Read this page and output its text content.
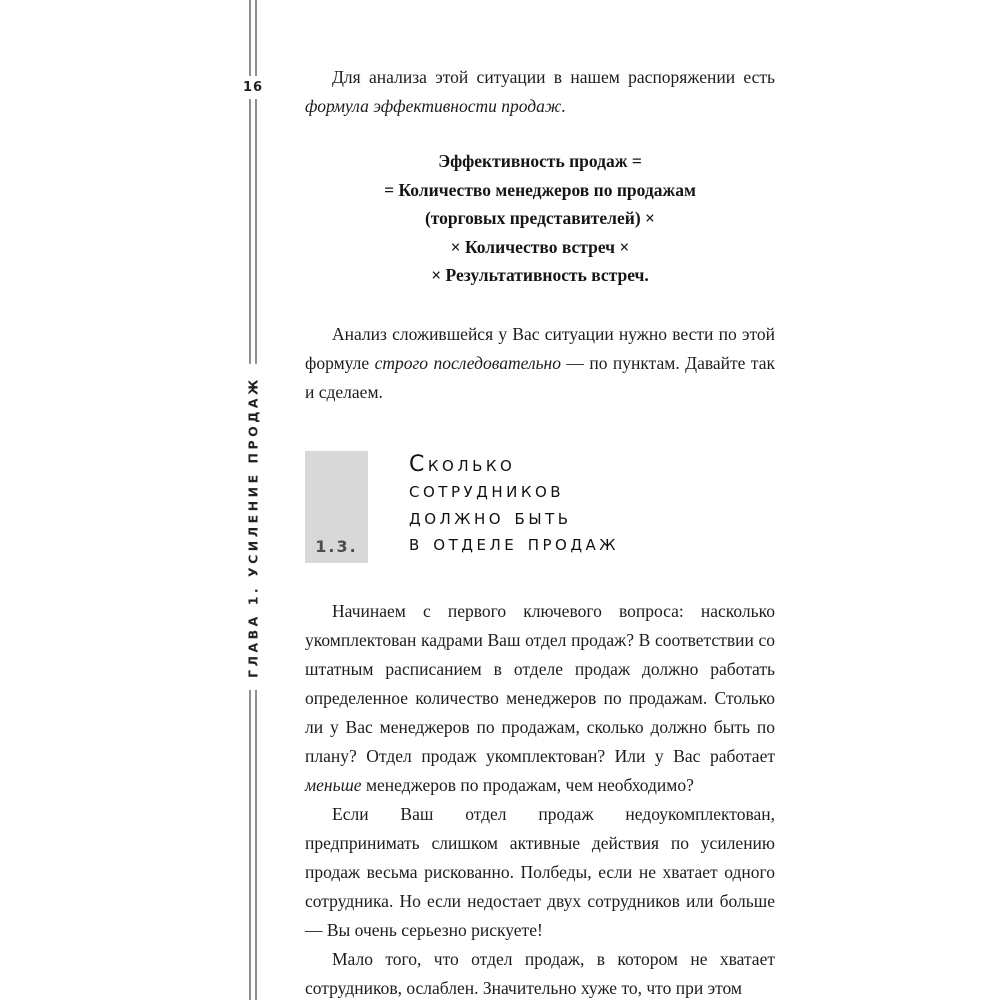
16
ГЛАВА 1. УСИЛЕНИЕ ПРОДАЖ

Для анализа этой ситуации в нашем распоряжении есть формула эффективности продаж.

Эффективность продаж =
= Количество менеджеров по продажам
(торговых представителей) ×
× Количество встреч ×
× Результативность встреч.

Анализ сложившейся у Вас ситуации нужно вести по этой формуле строго последовательно — по пунктам. Давайте так и сделаем.

1.3.
Сколько
сотрудников
должно быть
в отделе продаж

Начинаем с первого ключевого вопроса: насколько укомплектован кадрами Ваш отдел продаж? В соответствии со штатным расписанием в отделе продаж должно работать определенное количество менеджеров по продажам. Столько ли у Вас менеджеров по продажам, сколько должно быть по плану? Отдел продаж укомплектован? Или у Вас работает меньше менеджеров по продажам, чем необходимо?

Если Ваш отдел продаж недоукомплектован, предпринимать слишком активные действия по усилению продаж весьма рискованно. Полбеды, если не хватает одного сотрудника. Но если недостает двух сотрудников или больше — Вы очень серьезно рискуете!

Мало того, что отдел продаж, в котором не хватает сотрудников, ослаблен. Значительно хуже то, что при этом
